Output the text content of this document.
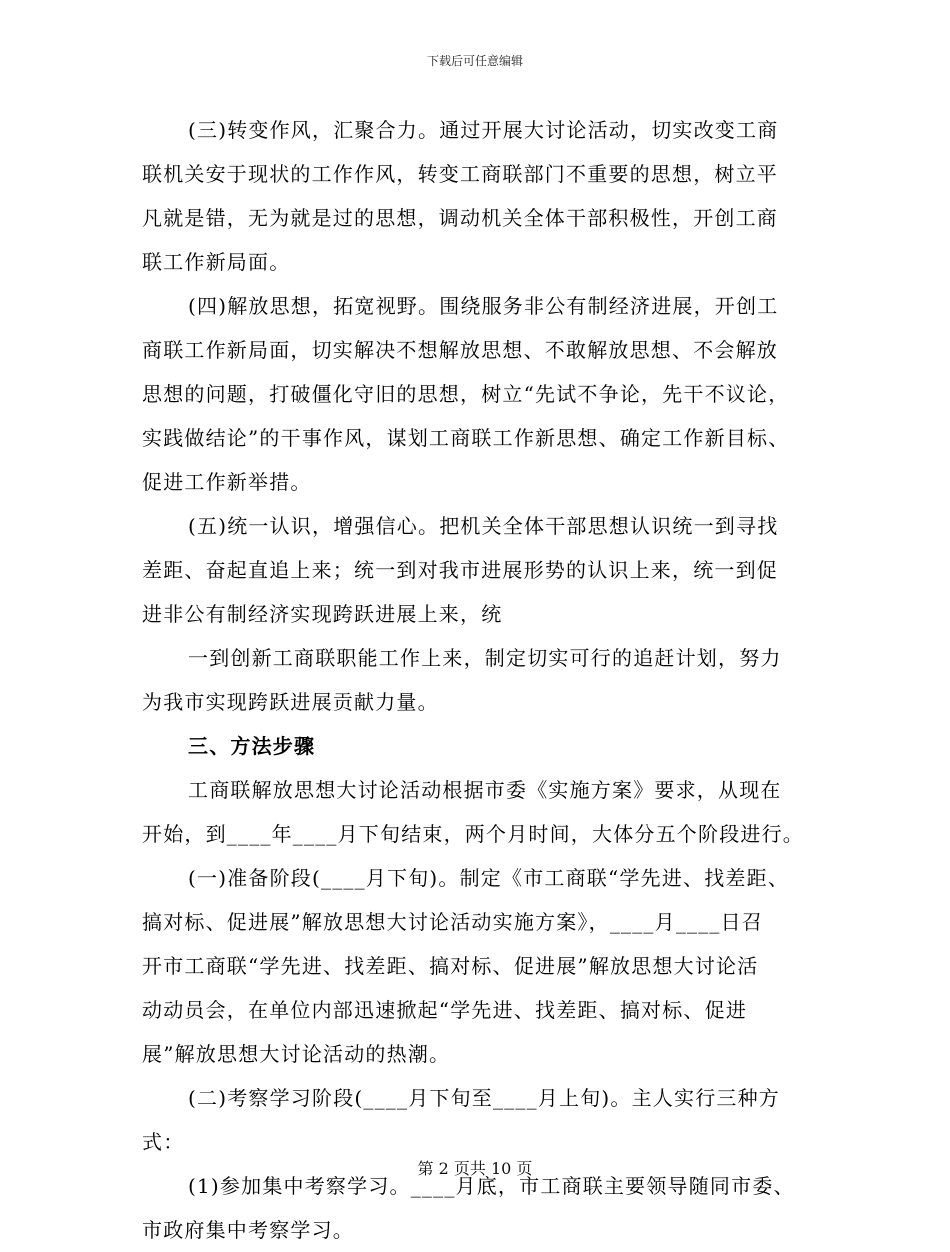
下载后可任意编辑
(三)转变作风，汇聚合力。通过开展大讨论活动，切实改变工商
联机关安于现状的工作作风，转变工商联部门不重要的思想，树立平
凡就是错，无为就是过的思想，调动机关全体干部积极性，开创工商
联工作新局面。
(四)解放思想，拓宽视野。围绕服务非公有制经济进展，开创工
商联工作新局面，切实解决不想解放思想、不敢解放思想、不会解放
思想的问题，打破僵化守旧的思想，树立“先试不争论，先干不议论，
实践做结论”的干事作风，谋划工商联工作新思想、确定工作新目标、
促进工作新举措。
(五)统一认识，增强信心。把机关全体干部思想认识统一到寻找
差距、奋起直追上来；统一到对我市进展形势的认识上来，统一到促
进非公有制经济实现跨跃进展上来，统
一到创新工商联职能工作上来，制定切实可行的追赶计划，努力
为我市实现跨跃进展贡献力量。
三、方法步骤
工商联解放思想大讨论活动根据市委《实施方案》要求，从现在
开始，到____年____月下旬结束，两个月时间，大体分五个阶段进行。
(一)准备阶段(____月下旬)。制定《市工商联“学先进、找差距、
搞对标、促进展”解放思想大讨论活动实施方案》，____月____日召
开市工商联“学先进、找差距、搞对标、促进展”解放思想大讨论活
动动员会，在单位内部迅速掀起“学先进、找差距、搞对标、促进
展”解放思想大讨论活动的热潮。
(二)考察学习阶段(____月下旬至____月上旬)。主人实行三种方
式：
(1)参加集中考察学习。____月底，市工商联主要领导随同市委、
市政府集中考察学习。
第 2 页共 10 页
